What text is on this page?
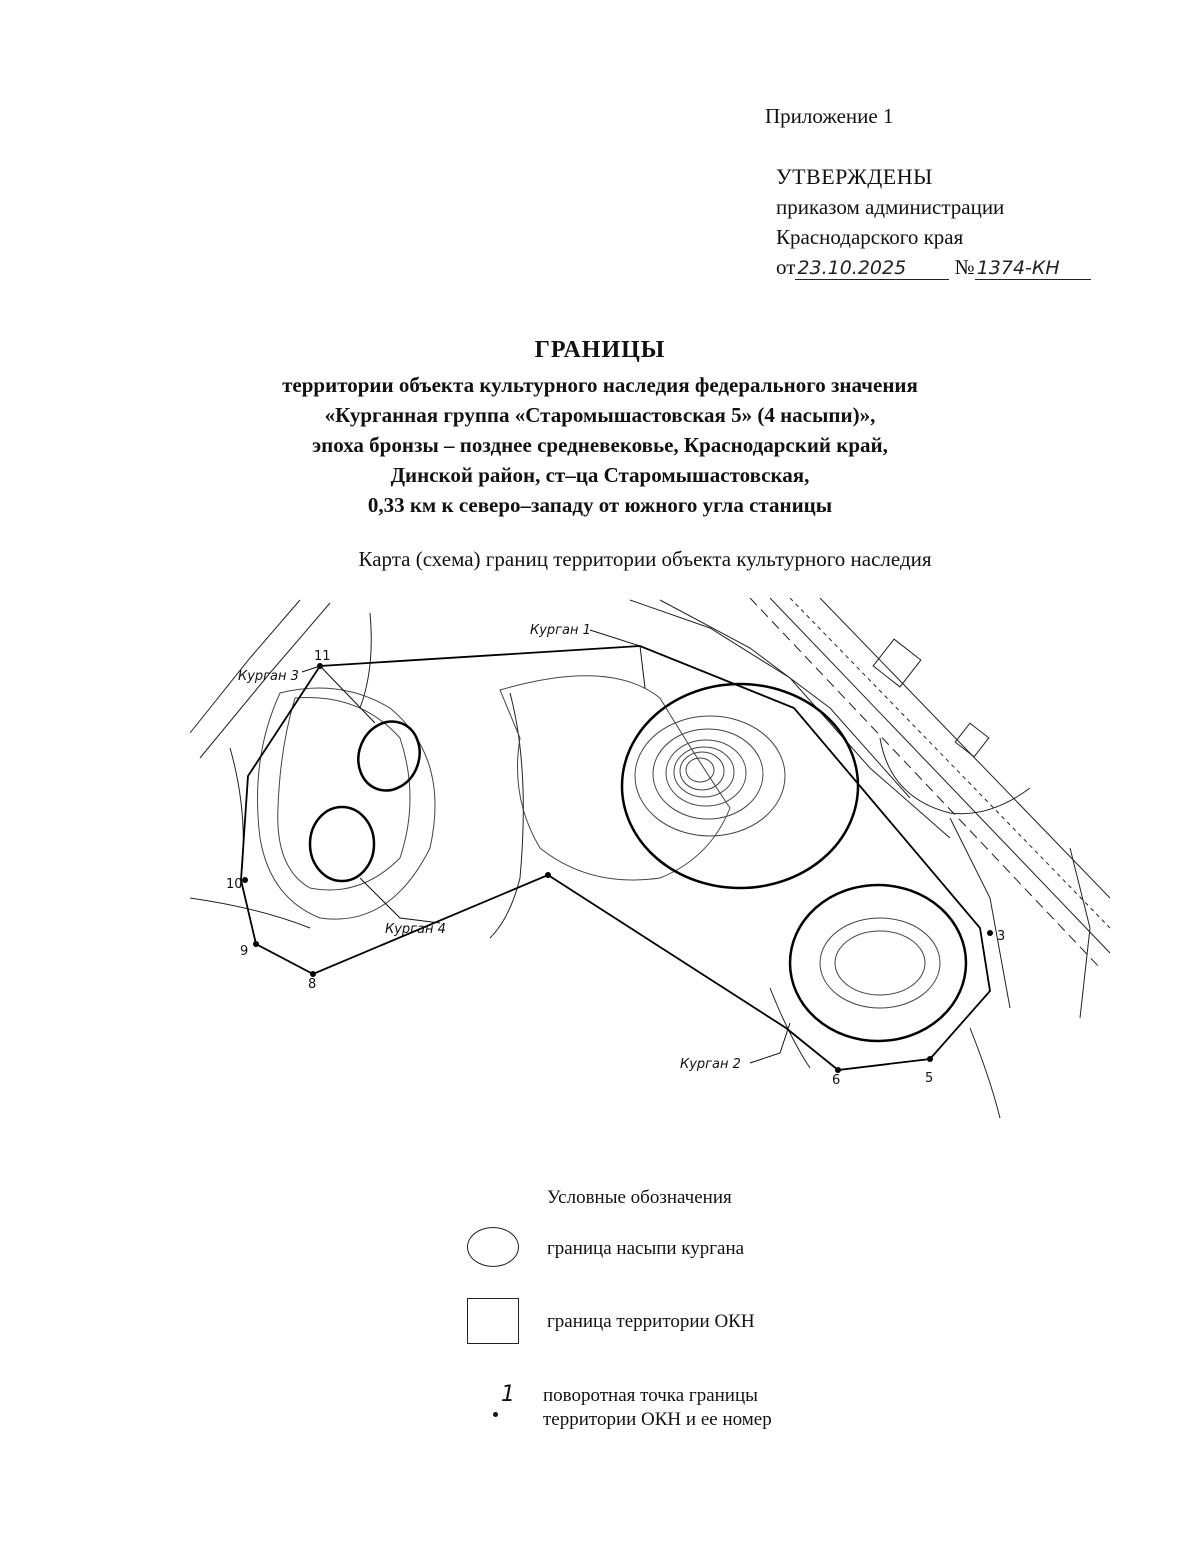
Приложение 1
УТВЕРЖДЕНЫ
приказом администрации
Краснодарского края
от 23.10.2025 № 1374-КН
ГРАНИЦЫ
территории объекта культурного наследия федерального значения
«Курганная группа «Старомышастовская 5» (4 насыпи)»,
эпоха бронзы – позднее средневековье, Краснодарский край,
Динской район, ст–ца Старомышастовская,
0,33 км к северо–западу от южного угла станицы
Карта (схема) границ территории объекта культурного наследия
3
5
6
8
9
10
11
Курган 1
Курган 2
Курган 3
Курган 4
Условные обозначения
граница насыпи кургана
граница территории ОКН
1 поворотная точка границы
территории ОКН и ее номер
